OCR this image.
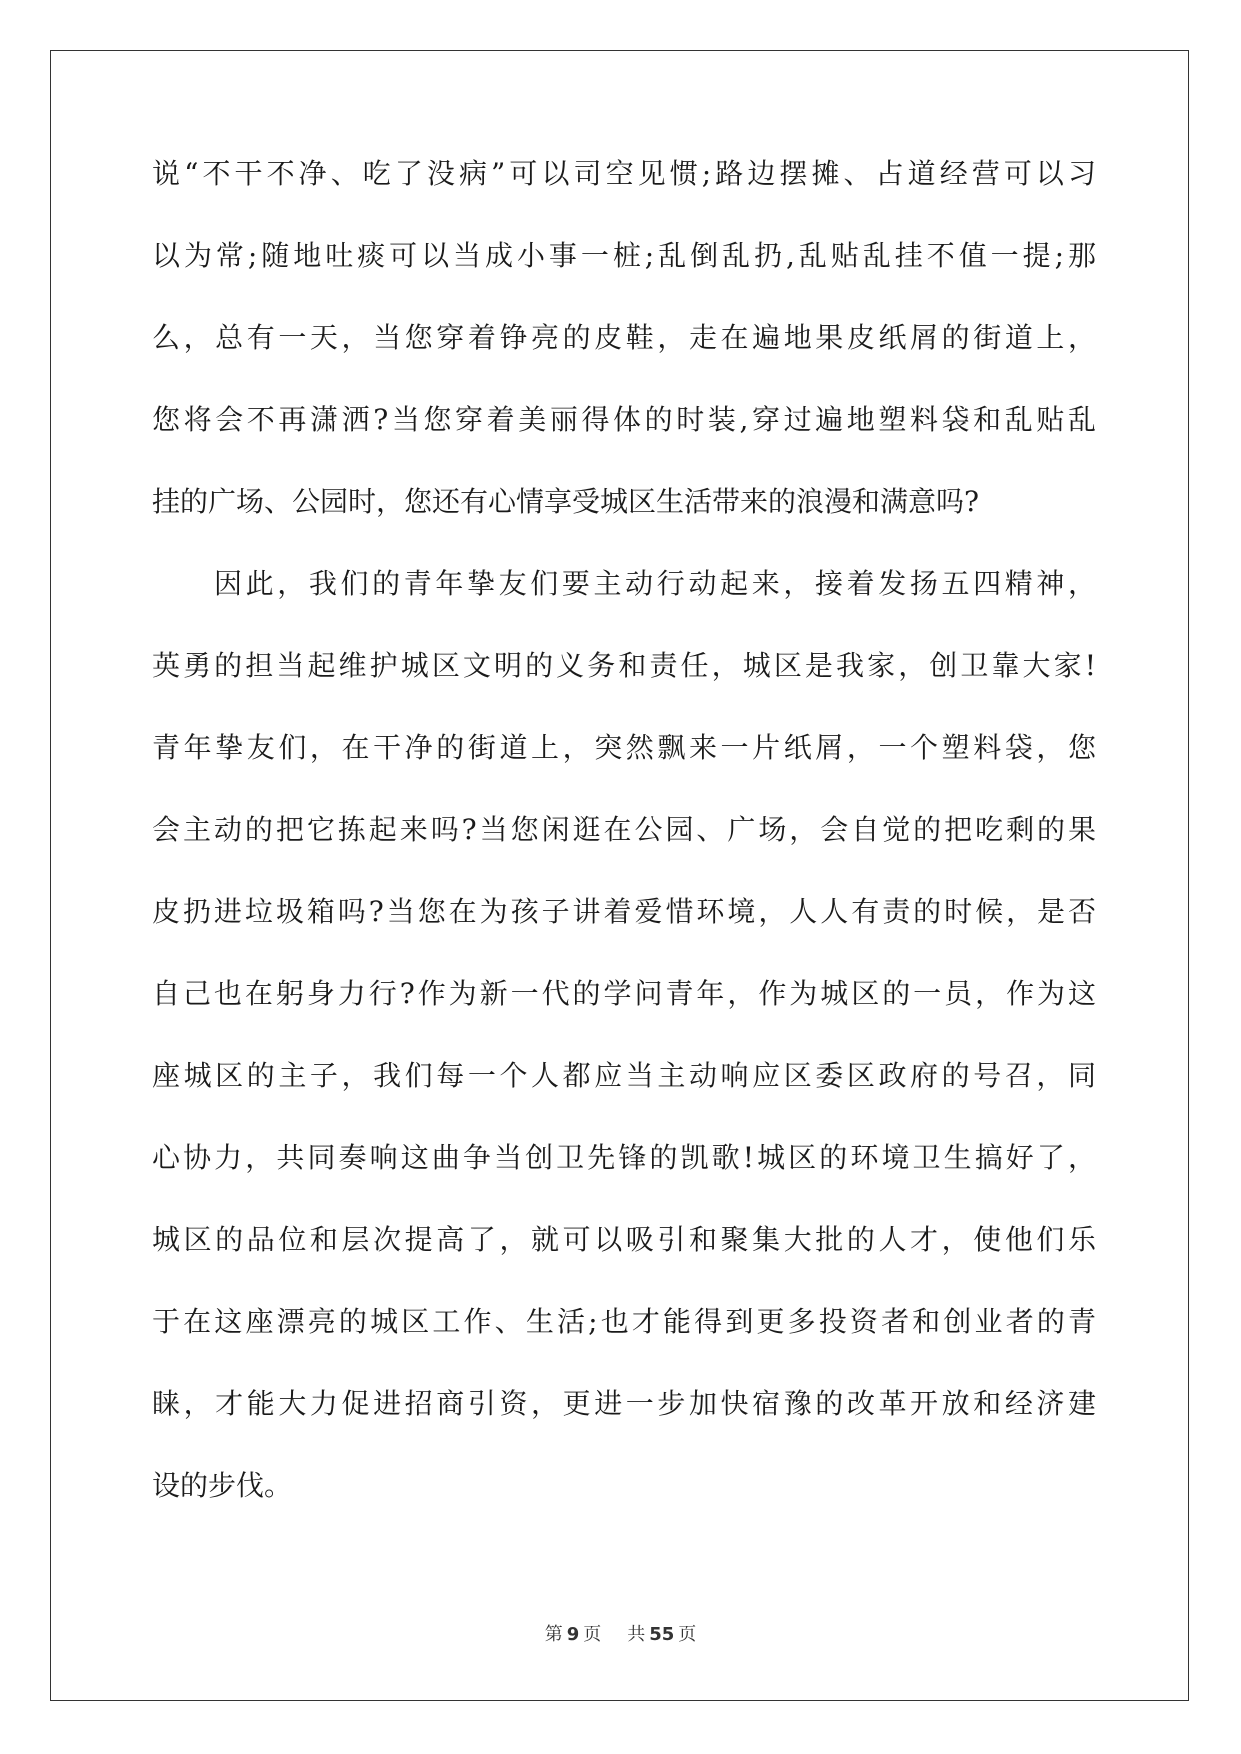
说“不干不净、吃了没病”可以司空见惯;路边摆摊、占道经营可以习
以为常;随地吐痰可以当成小事一桩;乱倒乱扔,乱贴乱挂不值一提;那
么，总有一天，当您穿着铮亮的皮鞋，走在遍地果皮纸屑的街道上，
您将会不再潇洒?当您穿着美丽得体的时装,穿过遍地塑料袋和乱贴乱
挂的广场、公园时，您还有心情享受城区生活带来的浪漫和满意吗?
因此，我们的青年挚友们要主动行动起来，接着发扬五四精神，
英勇的担当起维护城区文明的义务和责任，城区是我家，创卫靠大家!
青年挚友们，在干净的街道上，突然飘来一片纸屑，一个塑料袋，您
会主动的把它拣起来吗?当您闲逛在公园、广场，会自觉的把吃剩的果
皮扔进垃圾箱吗?当您在为孩子讲着爱惜环境，人人有责的时候，是否
自己也在躬身力行?作为新一代的学问青年，作为城区的一员，作为这
座城区的主子，我们每一个人都应当主动响应区委区政府的号召，同
心协力，共同奏响这曲争当创卫先锋的凯歌!城区的环境卫生搞好了，
城区的品位和层次提高了，就可以吸引和聚集大批的人才，使他们乐
于在这座漂亮的城区工作、生活;也才能得到更多投资者和创业者的青
睐，才能大力促进招商引资，更进一步加快宿豫的改革开放和经济建
设的步伐。
第 9 页 共 55 页
